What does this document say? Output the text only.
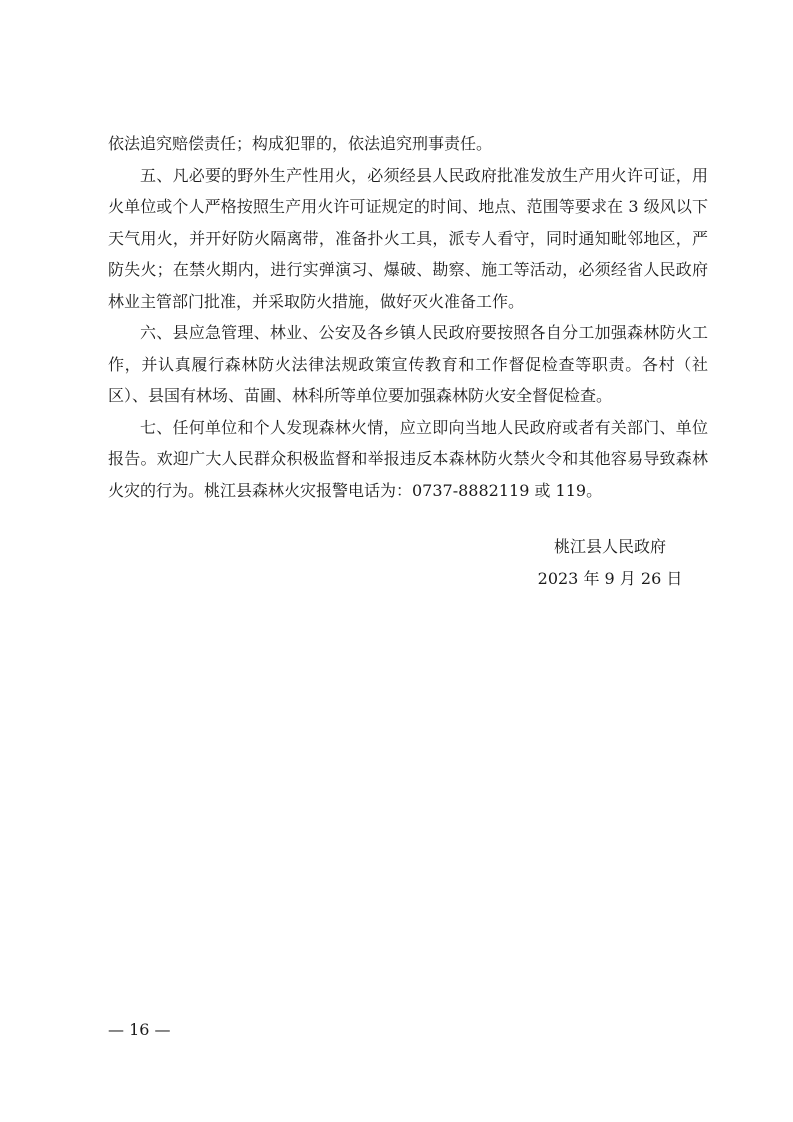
依法追究赔偿责任；构成犯罪的，依法追究刑事责任。

五、凡必要的野外生产性用火，必须经县人民政府批准发放生产用火许可证，用火单位或个人严格按照生产用火许可证规定的时间、地点、范围等要求在 3 级风以下天气用火，并开好防火隔离带，准备扑火工具，派专人看守，同时通知毗邻地区，严防失火；在禁火期内，进行实弹演习、爆破、勘察、施工等活动，必须经省人民政府林业主管部门批准，并采取防火措施，做好灭火准备工作。

六、县应急管理、林业、公安及各乡镇人民政府要按照各自分工加强森林防火工作，并认真履行森林防火法律法规政策宣传教育和工作督促检查等职责。各村（社区）、县国有林场、苗圃、林科所等单位要加强森林防火安全督促检查。

七、任何单位和个人发现森林火情，应立即向当地人民政府或者有关部门、单位报告。欢迎广大人民群众积极监督和举报违反本森林防火禁火令和其他容易导致森林火灾的行为。桃江县森林火灾报警电话为：0737-8882119 或 119。

桃江县人民政府
2023 年 9 月 26 日
— 16 —
